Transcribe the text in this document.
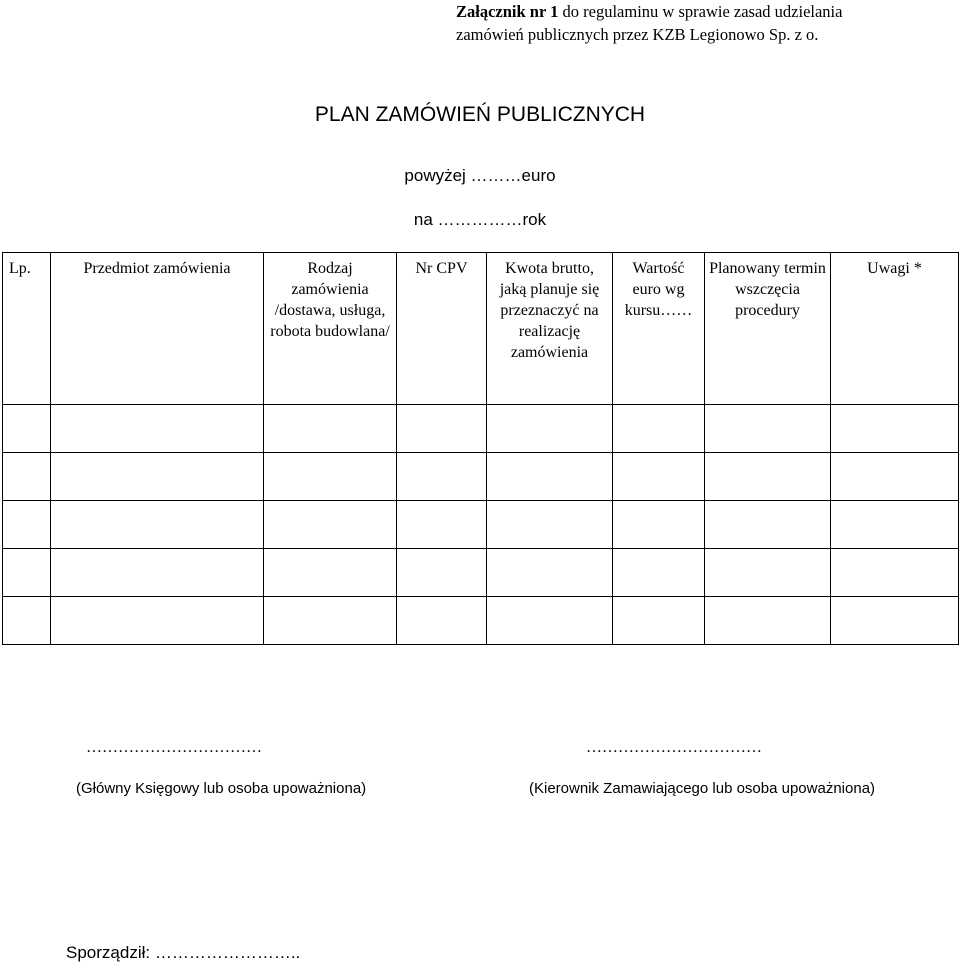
Załącznik nr 1 do regulaminu w sprawie zasad udzielania
zamówień publicznych przez KZB Legionowo Sp. z o.
PLAN ZAMÓWIEŃ PUBLICZNYCH
powyżej ………euro
na ……………rok
Lp.	Przedmiot zamówienia	Rodzaj zamówienia /dostawa, usługa, robota budowlana/	Nr CPV	Kwota brutto, jaką planuje się przeznaczyć na realizację zamówienia	Wartość euro wg kursu……	Planowany termin wszczęcia procedury	Uwagi *

……………………………
(Główny Księgowy lub osoba upoważniona)
……………………………
(Kierownik Zamawiającego lub osoba upoważniona)
Sporządził: ……………………..
